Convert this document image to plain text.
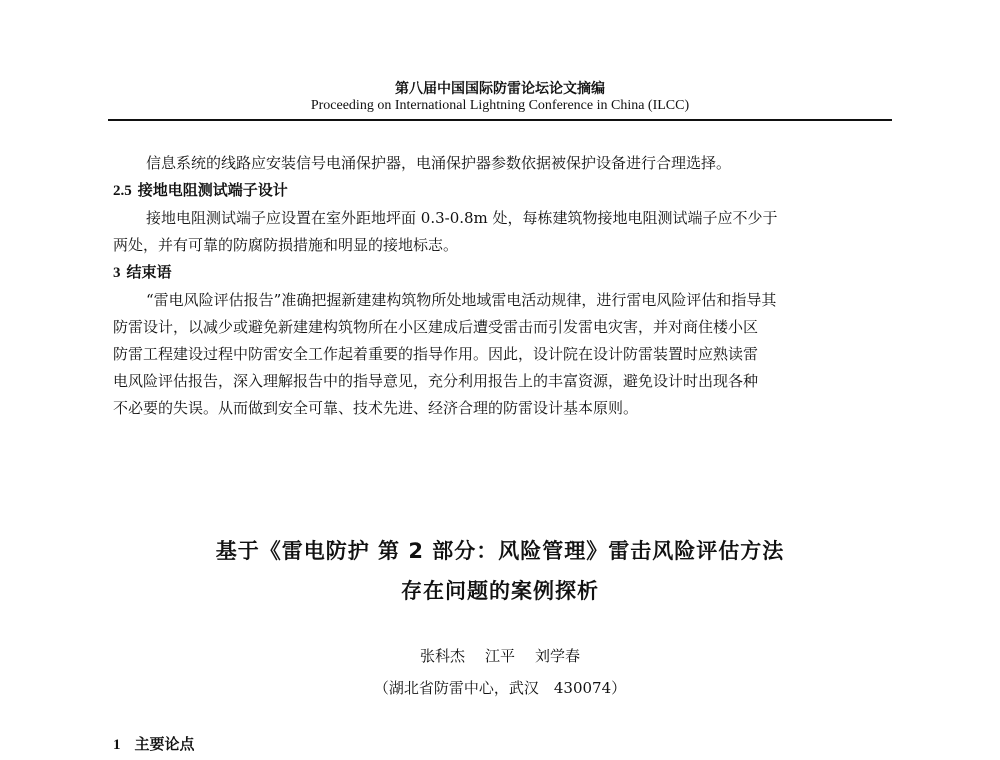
第八届中国国际防雷论坛论文摘编
Proceeding on International Lightning Conference in China (ILCC)

信息系统的线路应安装信号电涌保护器，电涌保护器参数依据被保护设备进行合理选择。

2.5 接地电阻测试端子设计

接地电阻测试端子应设置在室外距地坪面 0.3-0.8m 处，每栋建筑物接地电阻测试端子应不少于

两处，并有可靠的防腐防损措施和明显的接地标志。

3 结束语

“雷电风险评估报告”准确把握新建建构筑物所处地域雷电活动规律，进行雷电风险评估和指导其

防雷设计，以减少或避免新建建构筑物所在小区建成后遭受雷击而引发雷电灾害，并对商住楼小区

防雷工程建设过程中防雷安全工作起着重要的指导作用。因此，设计院在设计防雷装置时应熟读雷

电风险评估报告，深入理解报告中的指导意见，充分利用报告上的丰富资源，避免设计时出现各种

不必要的失误。从而做到安全可靠、技术先进、经济合理的防雷设计基本原则。

基于《雷电防护 第 2 部分：风险管理》雷击风险评估方法
存在问题的案例探析
张科杰 江平 刘学春
（湖北省防雷中心，武汉　430074）
1 主要论点
